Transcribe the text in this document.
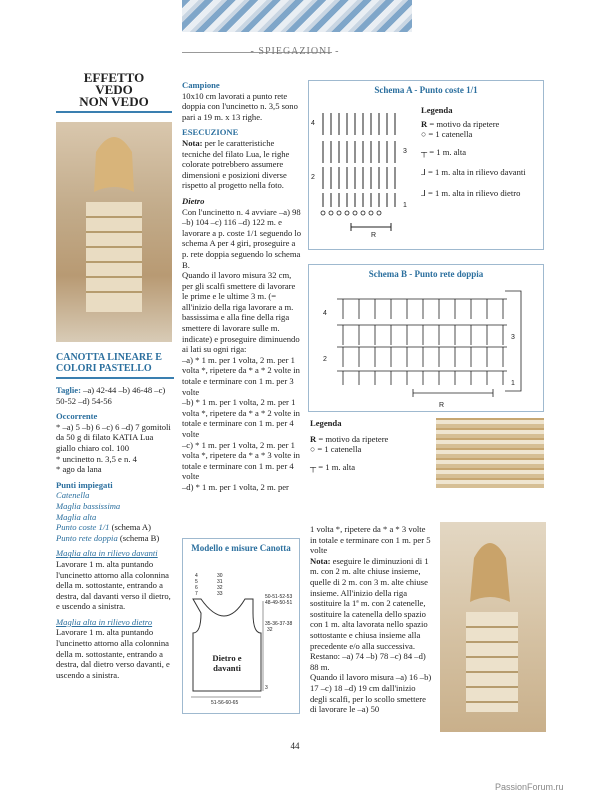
- SPIEGAZIONI -
EFFETTO
VEDO
NON VEDO
CANOTTA LINEARE E COLORI PASTELLO

Taglie: –a) 42-44 –b) 46-48 –c) 50-52 –d) 54-56

Occorrente
* –a) 5 –b) 6 –c) 6 –d) 7 gomitoli da 50 g di filato KATIA Lua giallo chiaro col. 100
* uncinetto n. 3,5 e n. 4

* ago da lana

Punti impiegati
Catenella
Maglia bassissima
Maglia alta
Punto coste 1/1 (schema A)

Punto rete doppia (schema B)

Maglia alta in rilievo davanti

Lavorare 1 m. alta puntando l'uncinetto attorno alla colonnina della m. sottostante, entrando a destra, dal davanti verso il dietro, e uscendo a sinistra.

Maglia alta in rilievo dietro

Lavorare 1 m. alta puntando l'uncinetto attorno alla colonnina della m. sottostante, entrando a destra, dal dietro verso davanti, e uscendo a sinistra.

Campione

10x10 cm lavorati a punto rete doppia con l'uncinetto n. 3,5 sono pari a 19 m. x 13 righe.

ESECUZIONE

Nota: per le caratteristiche tecniche del filato Lua, le righe colorate potrebbero assumere dimensioni e posizioni diverse rispetto al progetto nella foto.

Dietro
Con l'uncinetto n. 4 avviare –a) 98 –b) 104 –c) 116 –d) 122 m. e lavorare a p. coste 1/1 seguendo lo schema A per 4 giri, proseguire a p. rete doppia seguendo lo schema B.
Quando il lavoro misura 32 cm, per gli scalfi smettere di lavorare le prime e le ultime 3 m. (= all'inizio della riga lavorare a m. bassissima e alla fine della riga smettere di lavorare sulle m. indicate) e proseguire diminuendo ai lati su ogni riga:
–a) * 1 m. per 1 volta, 2 m. per 1 volta *, ripetere da * a * 2 volte in totale e terminare con 1 m. per 3 volte
–b) * 1 m. per 1 volta, 2 m. per 1 volta *, ripetere da * a * 2 volte in totale e terminare con 1 m. per 4 volte
–c) * 1 m. per 1 volta, 2 m. per 1 volta *, ripetere da * a * 3 volte in totale e terminare con 1 m. per 4 volte
–d) * 1 m. per 1 volta, 2 m. per
Modello e misure Canotta
4
5
6
7
30
31
32
33	50-51-52-53
48-49-50-51
35-36-37-38
32
3
51-56-60-65
Dietro e davanti
Schema A - Punto coste 1/1
4
3
2
1
R
Legenda
R = motivo da ripetere
○ = 1 catenella
┬ = 1 m. alta
⅃ = 1 m. alta in rilievo davanti
⅃ = 1 m. alta in rilievo dietro
Schema B - Punto rete doppia
4
3
2
1
R
Legenda
R = motivo da ripetere
○ = 1 catenella
┬ = 1 m. alta
1 volta *, ripetere da * a * 3 volte in totale e terminare con 1 m. per 5 volte
Nota: eseguire le diminuzioni di 1 m. con 2 m. alte chiuse insieme, quelle di 2 m. con 3 m. alte chiuse insieme. All'inizio della riga sostituire la 1ª m. con 2 catenelle, sostituire la catenella dello spazio con 1 m. alta lavorata nello spazio sottostante e chiusa insieme alla precedente e/o alla successiva.
Restano: –a) 74 –b) 78 –c) 84 –d) 88 m.
Quando il lavoro misura –a) 16 –b) 17 –c) 18 –d) 19 cm dall'inizio degli scalfi, per lo scollo smettere di lavorare le –a) 50
44
PassionForum.ru
